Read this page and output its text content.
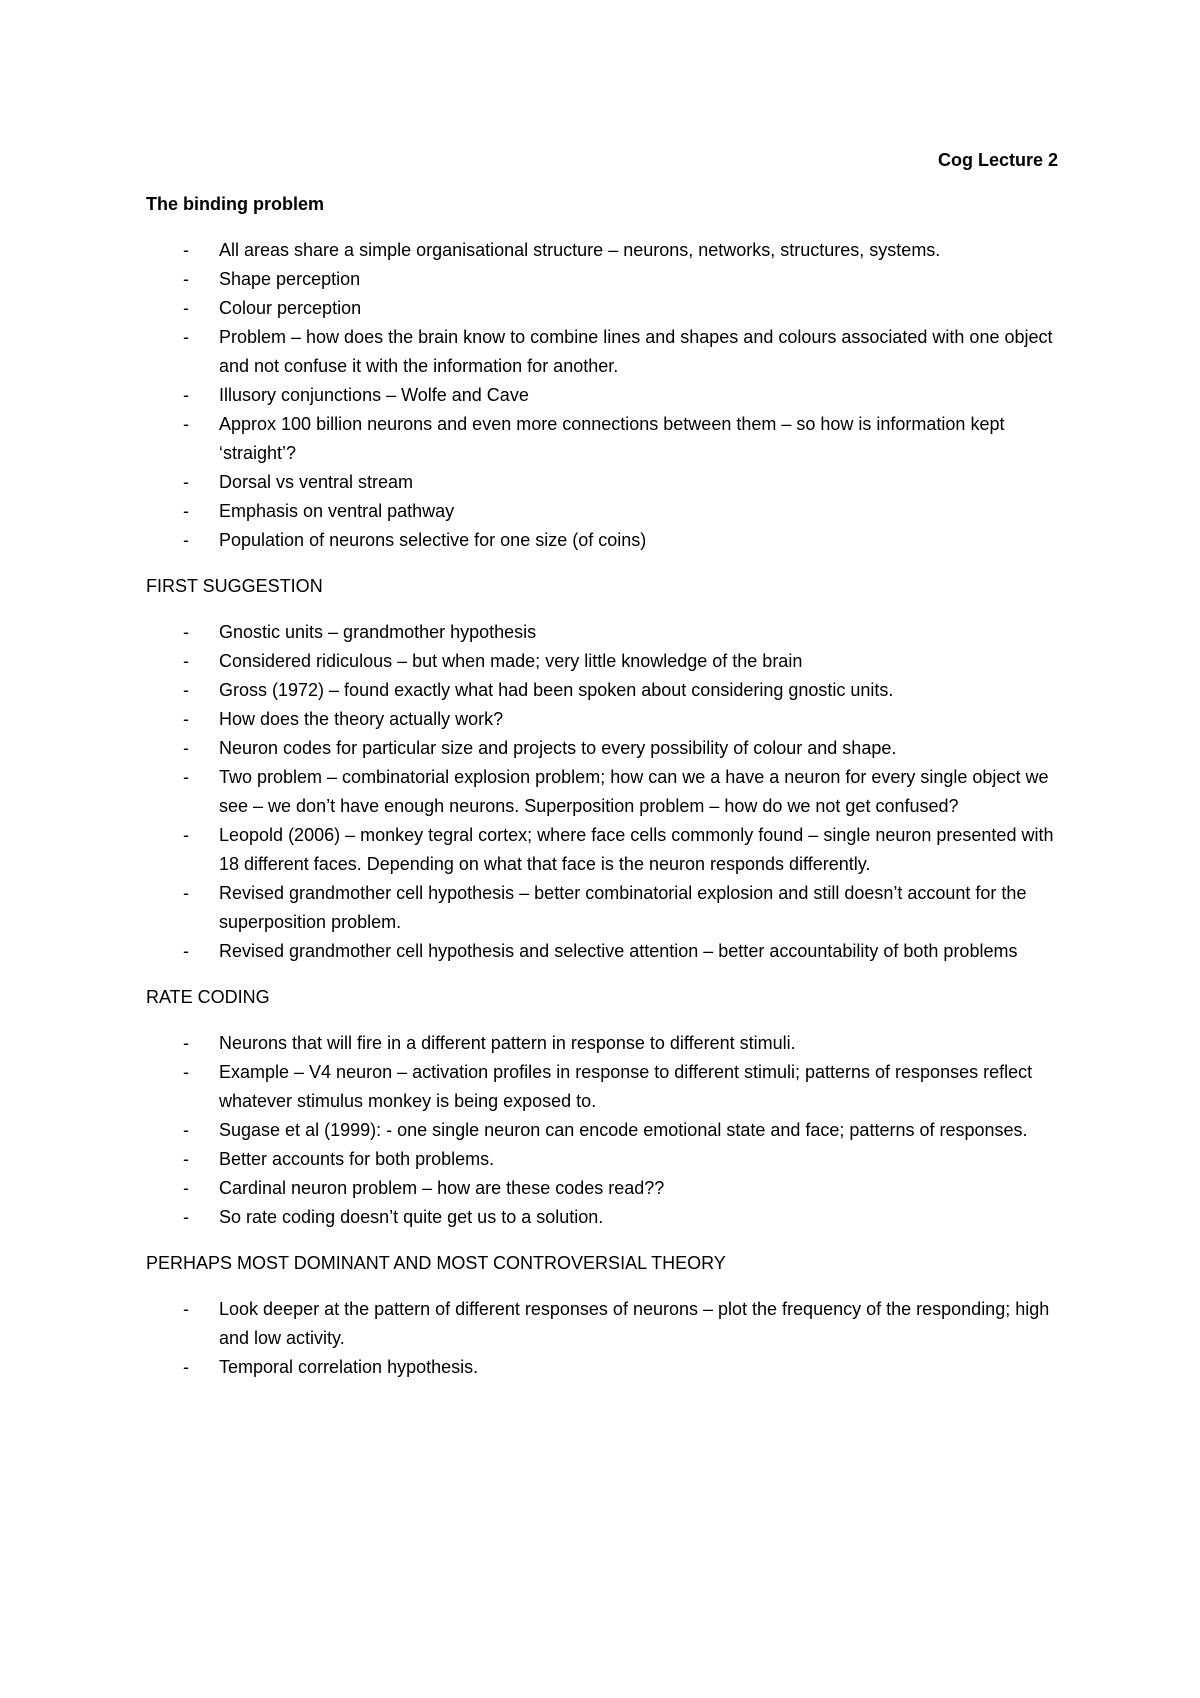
Cog Lecture 2
The binding problem
- All areas share a simple organisational structure – neurons, networks, structures, systems.
- Shape perception
- Colour perception
- Problem – how does the brain know to combine lines and shapes and colours associated with one object and not confuse it with the information for another.
- Illusory conjunctions – Wolfe and Cave
- Approx 100 billion neurons and even more connections between them – so how is information kept ‘straight’?
- Dorsal vs ventral stream
- Emphasis on ventral pathway
- Population of neurons selective for one size (of coins)
FIRST SUGGESTION
- Gnostic units – grandmother hypothesis
- Considered ridiculous – but when made; very little knowledge of the brain
- Gross (1972) – found exactly what had been spoken about considering gnostic units.
- How does the theory actually work?
- Neuron codes for particular size and projects to every possibility of colour and shape.
- Two problem – combinatorial explosion problem; how can we a have a neuron for every single object we see – we don’t have enough neurons. Superposition problem – how do we not get confused?
- Leopold (2006) – monkey tegral cortex; where face cells commonly found – single neuron presented with 18 different faces. Depending on what that face is the neuron responds differently.
- Revised grandmother cell hypothesis – better combinatorial explosion and still doesn’t account for the superposition problem.
- Revised grandmother cell hypothesis and selective attention – better accountability of both problems
RATE CODING
- Neurons that will fire in a different pattern in response to different stimuli.
- Example – V4 neuron – activation profiles in response to different stimuli; patterns of responses reflect whatever stimulus monkey is being exposed to.
- Sugase et al (1999): - one single neuron can encode emotional state and face; patterns of responses.
- Better accounts for both problems.
- Cardinal neuron problem – how are these codes read??
- So rate coding doesn’t quite get us to a solution.
PERHAPS MOST DOMINANT AND MOST CONTROVERSIAL THEORY
- Look deeper at the pattern of different responses of neurons – plot the frequency of the responding; high and low activity.
- Temporal correlation hypothesis.
